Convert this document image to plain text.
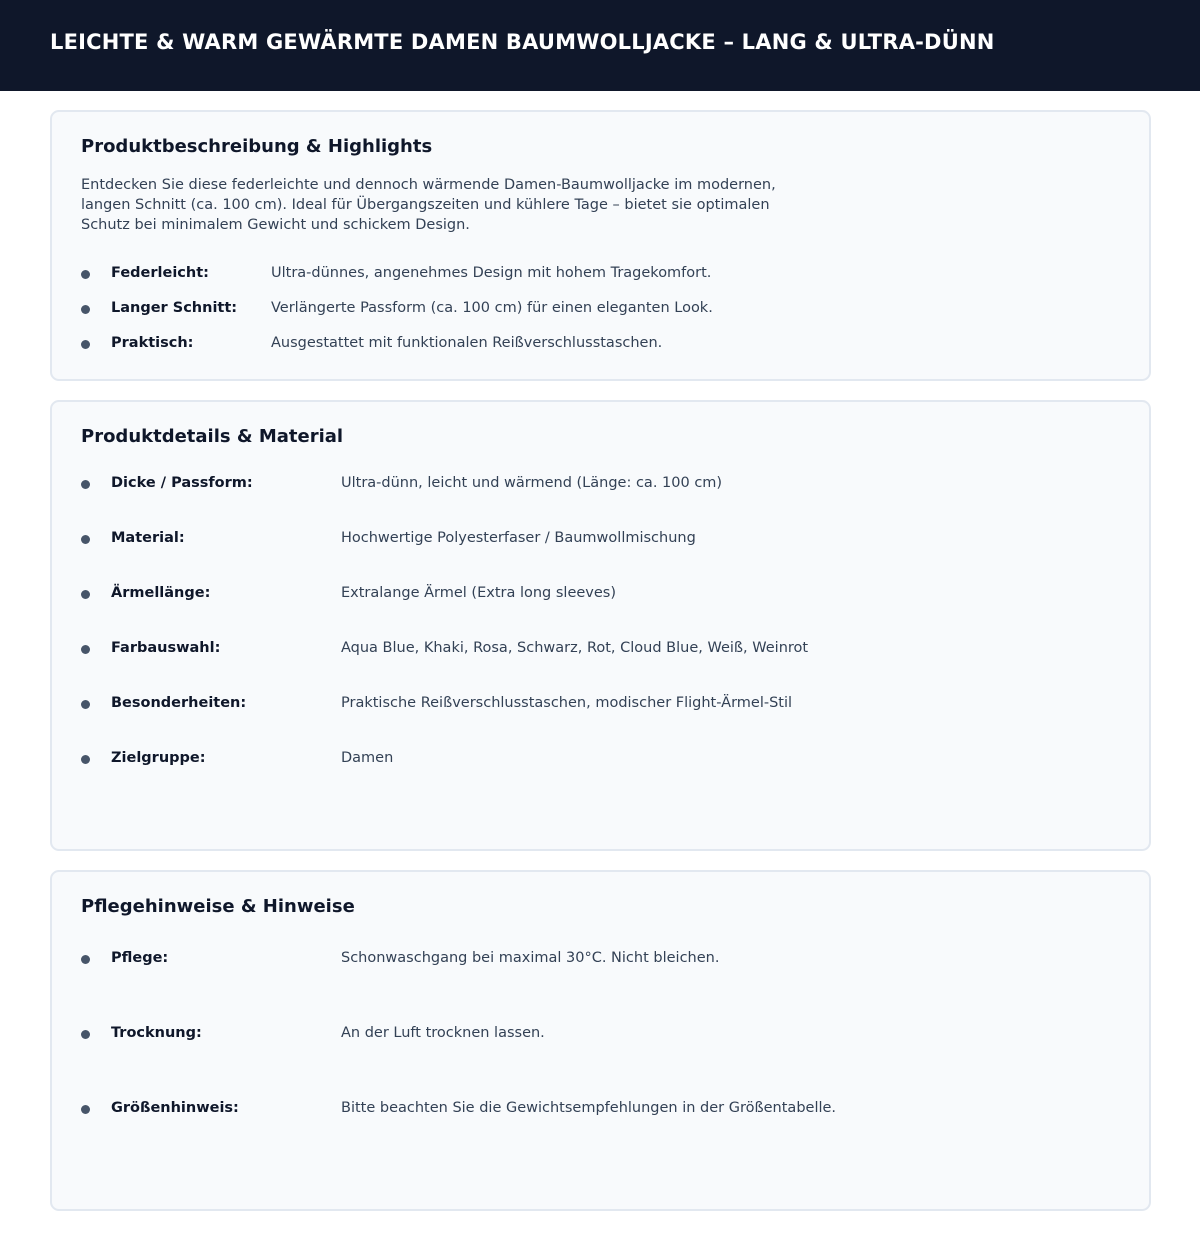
LEICHTE & WARM GEWÄRMTE DAMEN BAUMWOLLJACKE – LANG & ULTRA-DÜNN
Produktbeschreibung & Highlights
Entdecken Sie diese federleichte und dennoch wärmende Damen-Baumwolljacke im modernen, langen Schnitt (ca. 100 cm). Ideal für Übergangszeiten und kühlere Tage – bietet sie optimalen Schutz bei minimalem Gewicht und schickem Design.
Federleicht:	Ultra-dünnes, angenehmes Design mit hohem Tragekomfort.
Langer Schnitt: Verlängerte Passform (ca. 100 cm) für einen eleganten Look.
Praktisch:	Ausgestattet mit funktionalen Reißverschlusstaschen.
Produktdetails & Material
Dicke / Passform:	Ultra-dünn, leicht und wärmend (Länge: ca. 100 cm)
Material:	Hochwertige Polyesterfaser / Baumwollmischung
Ärmellänge:	Extralange Ärmel (Extra long sleeves)
Farbauswahl:	Aqua Blue, Khaki, Rosa, Schwarz, Rot, Cloud Blue, Weiß, Weinrot
Besonderheiten:	Praktische Reißverschlusstaschen, modischer Flight-Ärmel-Stil
Zielgruppe:	Damen
Pflegehinweise & Hinweise
Pflege:	Schonwaschgang bei maximal 30°C. Nicht bleichen.
Trocknung:	An der Luft trocknen lassen.
Größenhinweis:	Bitte beachten Sie die Gewichtsempfehlungen in der Größentabelle.
